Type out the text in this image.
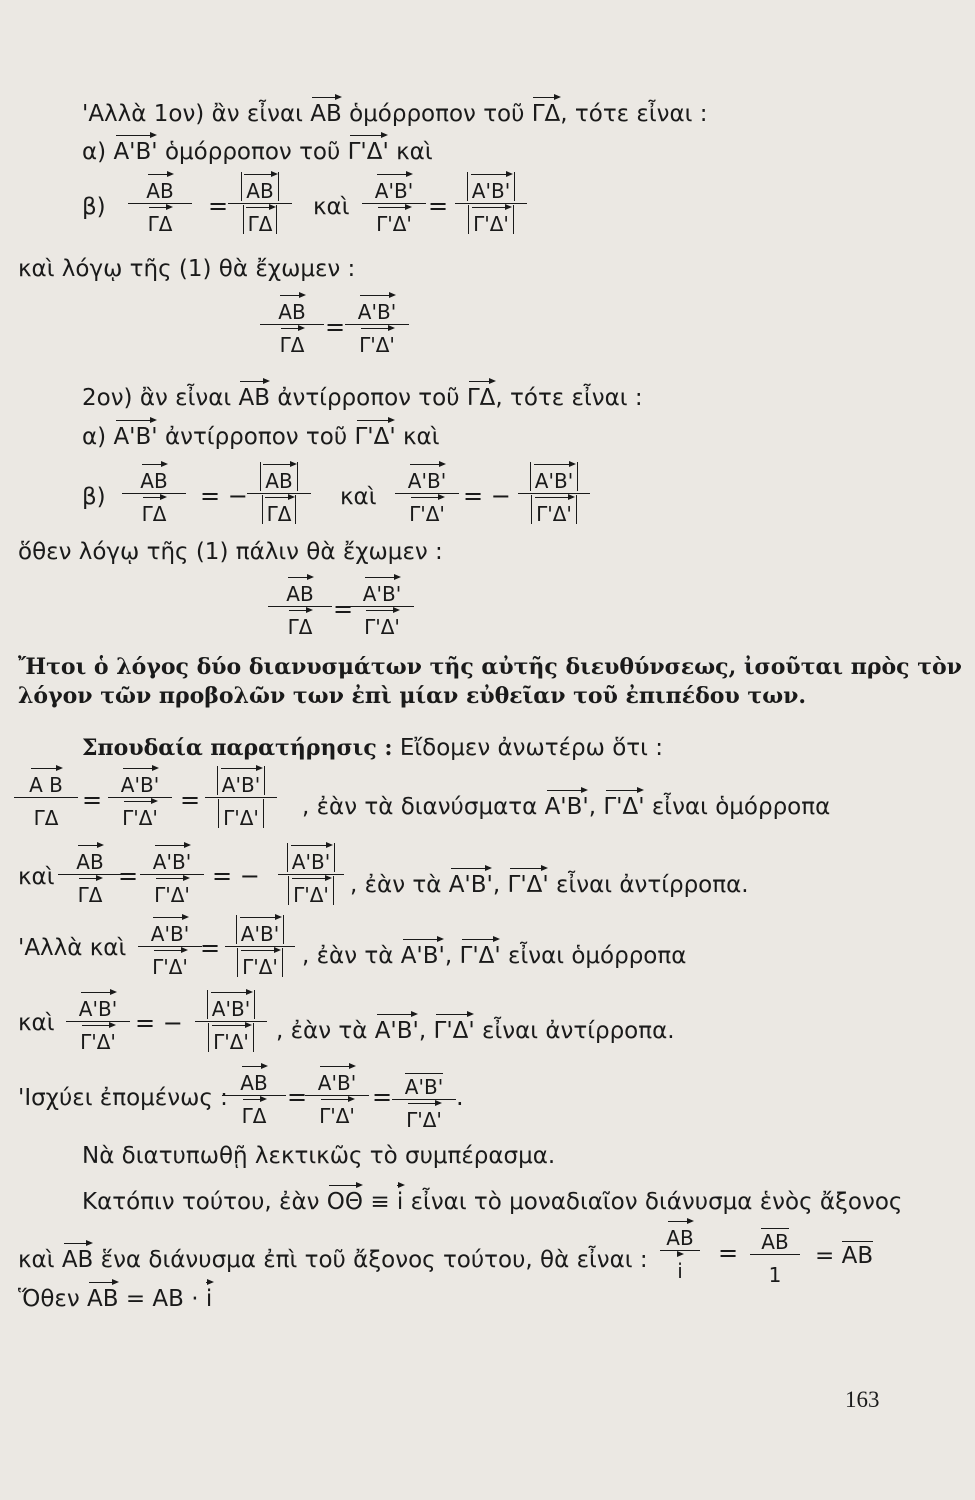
'Αλλὰ 1ον) ἂν εἶναι AB ὁμόρροπον τοῦ ΓΔ, τότε εἶναι :
α) A'B' ὁμόρροπον τοῦ Γ'Δ' καὶ
β)
AB
ΓΔ
=
AB
ΓΔ
καὶ
A'B'
Γ'Δ'
=
A'B'
Γ'Δ'
καὶ λόγῳ τῆς (1) θὰ ἔχωμεν :
AB
ΓΔ
=
A'B'
Γ'Δ'
2ον) ἂν εἶναι AB ἀντίρροπον τοῦ ΓΔ, τότε εἶναι :
α) A'B' ἀντίρροπον τοῦ Γ'Δ' καὶ
β)
AB
ΓΔ
= −
AB
ΓΔ
καὶ
A'B'
Γ'Δ'
= −
A'B'
Γ'Δ'
ὅθεν λόγῳ τῆς (1) πάλιν θὰ ἔχωμεν :
AB
ΓΔ
=
A'B'
Γ'Δ'
Ἤτοι ὁ λόγος δύο διανυσμάτων τῆς αὐτῆς διευθύνσεως, ἰσοῦται πρὸς τὸν
λόγον τῶν προβολῶν των ἐπὶ μίαν εὐθεῖαν τοῦ ἐπιπέδου των.
Σπουδαία παρατήρησις : Εἴδομεν ἀνωτέρω ὅτι :
A B
ΓΔ
=
A'B'
Γ'Δ'
=
A'B'
Γ'Δ' , ἐὰν τὰ διανύσματα A'B', Γ'Δ' εἶναι ὁμόρροπα
καὶ
AB
ΓΔ
= A'B'
Γ'Δ'
= − A'B'
Γ'Δ' , ἐὰν τὰ A'B', Γ'Δ' εἶναι ἀντίρροπα.
'Αλλὰ καὶ
A'B'
Γ'Δ'
= A'B'
Γ'Δ' , ἐὰν τὰ A'B', Γ'Δ' εἶναι ὁμόρροπα
καὶ
A'B'
Γ'Δ'
= − A'B'
Γ'Δ' , ἐὰν τὰ A'B', Γ'Δ' εἶναι ἀντίρροπα.
'Ισχύει ἐπομένως :
AB
ΓΔ
= A'B'
Γ'Δ'
= A'B'
Γ'Δ'
.
Νὰ διατυπωθῇ λεκτικῶς τὸ συμπέρασμα.
Κατόπιν τούτου, ἐὰν OΘ ≡ i εἶναι τὸ μοναδιαῖον διάνυσμα ἑνὸς ἄξονος
καὶ AB ἕνα διάνυσμα ἐπὶ τοῦ ἄξονος τούτου, θὰ εἶναι :
AB
i
= AB
1
= AB
Ὅθεν AB = AB · i
163
